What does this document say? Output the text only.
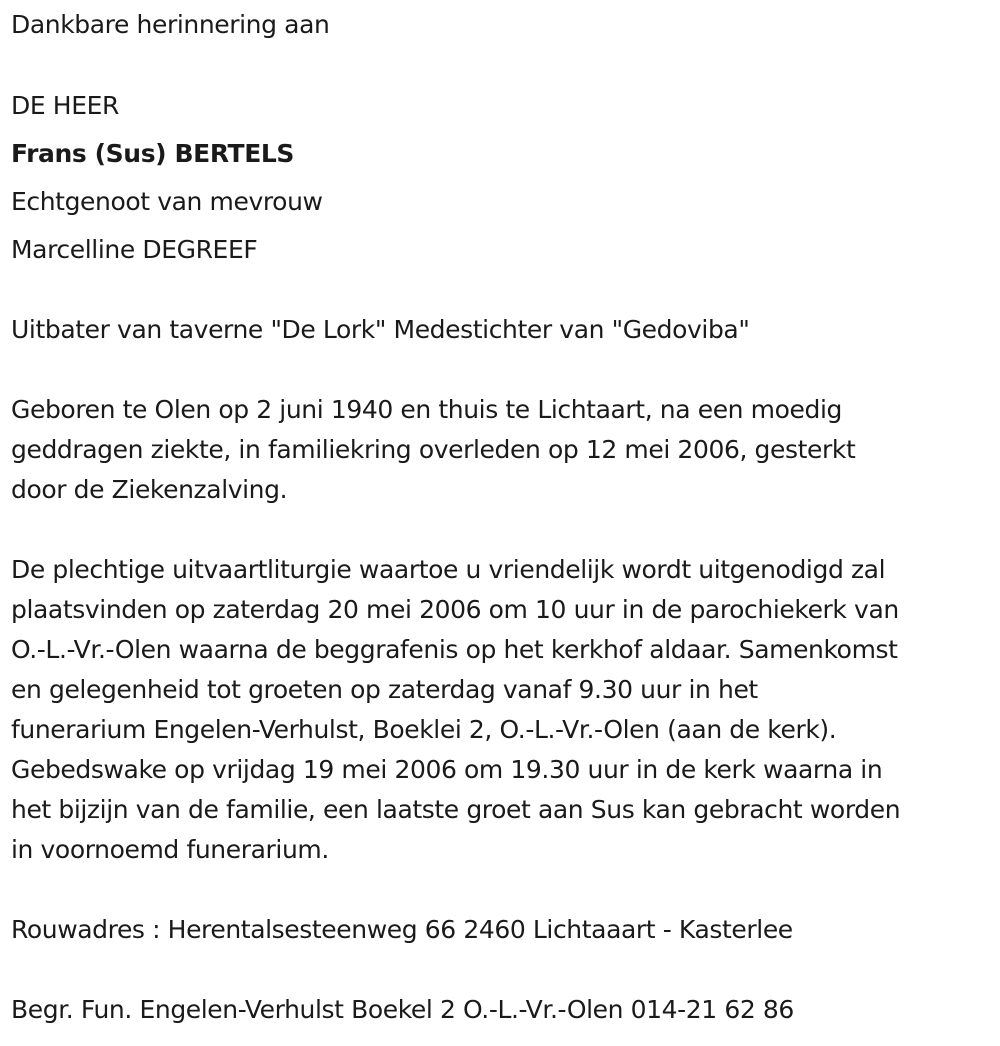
Dankbare herinnering aan
DE HEER
Frans (Sus) BERTELS
Echtgenoot van mevrouw
Marcelline DEGREEF
Uitbater van taverne "De Lork" Medestichter van "Gedoviba"
Geboren te Olen op 2 juni 1940 en thuis te Lichtaart, na een moedig
geddragen ziekte, in familiekring overleden op 12 mei 2006, gesterkt
door de Ziekenzalving.
De plechtige uitvaartliturgie waartoe u vriendelijk wordt uitgenodigd zal
plaatsvinden op zaterdag 20 mei 2006 om 10 uur in de parochiekerk van
O.-L.-Vr.-Olen waarna de beggrafenis op het kerkhof aldaar. Samenkomst
en gelegenheid tot groeten op zaterdag vanaf 9.30 uur in het
funerarium Engelen-Verhulst, Boeklei 2, O.-L.-Vr.-Olen (aan de kerk).
Gebedswake op vrijdag 19 mei 2006 om 19.30 uur in de kerk waarna in
het bijzijn van de familie, een laatste groet aan Sus kan gebracht worden
in voornoemd funerarium.
Rouwadres : Herentalsesteenweg 66 2460 Lichtaaart - Kasterlee
Begr. Fun. Engelen-Verhulst Boekel 2 O.-L.-Vr.-Olen 014-21 62 86
